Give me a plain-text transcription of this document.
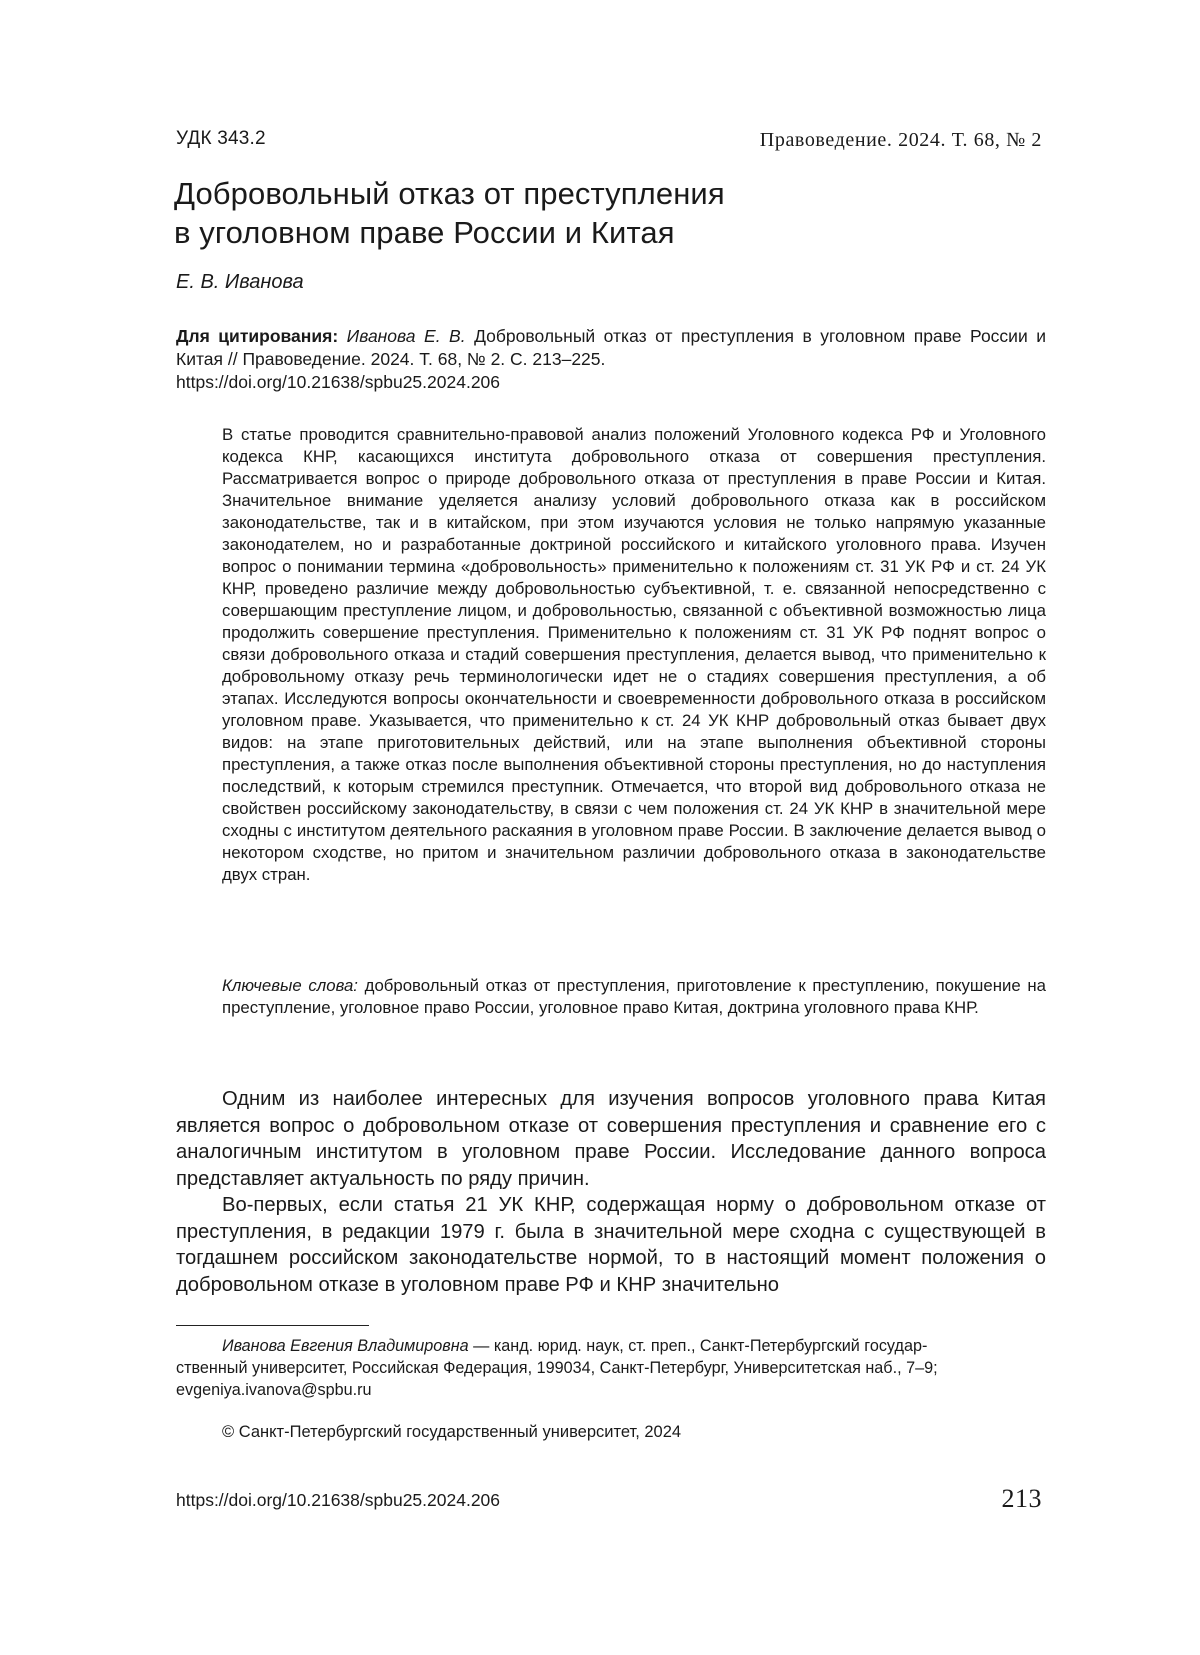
УДК 343.2	Правоведение. 2024. Т. 68, № 2
Добровольный отказ от преступления
в уголовном праве России и Китая
Е. В. Иванова
Для цитирования: Иванова Е. В. Добровольный отказ от преступления в уголовном праве России и Китая // Правоведение. 2024. Т. 68, № 2. С. 213–225.
https://doi.org/10.21638/spbu25.2024.206

В статье проводится сравнительно-правовой анализ положений Уголовного кодекса РФ и Уголовного кодекса КНР, касающихся института добровольного отказа от совершения преступления. Рассматривается вопрос о природе добровольного отказа от преступления в праве России и Китая. Значительное внимание уделяется анализу условий добровольного отказа как в российском законодательстве, так и в китайском, при этом изучаются условия не только напрямую указанные законодателем, но и разработанные доктриной российского и китайского уголовного права. Изучен вопрос о понимании термина «добровольность» применительно к положениям ст. 31 УК РФ и ст. 24 УК КНР, проведено различие между добровольностью субъективной, т. е. связанной непосредственно с совершающим преступление лицом, и добровольностью, связанной с объективной возможностью лица продолжить совершение преступления. Применительно к положениям ст. 31 УК РФ поднят вопрос о связи добровольного отказа и стадий совершения преступления, делается вывод, что применительно к добровольному отказу речь терминологически идет не о стадиях совершения преступления, а об этапах. Исследуются вопросы окончательности и своевременности добровольного отказа в российском уголовном праве. Указывается, что применительно к ст. 24 УК КНР добровольный отказ бывает двух видов: на этапе приготовительных действий, или на этапе выполнения объективной стороны преступления, а также отказ после выполнения объективной стороны преступления, но до наступления последствий, к которым стремился преступник. Отмечается, что второй вид добровольного отказа не свойствен российскому законодательству, в связи с чем положения ст. 24 УК КНР в значительной мере сходны с институтом деятельного раскаяния в уголовном праве России. В заключение делается вывод о некотором сходстве, но притом и значительном различии добровольного отказа в законодательстве двух стран.

Ключевые слова: добровольный отказ от преступления, приготовление к преступлению, покушение на преступление, уголовное право России, уголовное право Китая, доктрина уголовного права КНР.

Одним из наиболее интересных для изучения вопросов уголовного права Китая является вопрос о добровольном отказе от совершения преступления и сравнение его с аналогичным институтом в уголовном праве России. Исследование данного вопроса представляет актуальность по ряду причин.

Во-первых, если статья 21 УК КНР, содержащая норму о добровольном отказе от преступления, в редакции 1979 г. была в значительной мере сходна с существующей в тогдашнем российском законодательстве нормой, то в настоящий момент положения о добровольном отказе в уголовном праве РФ и КНР значительно

Иванова Евгения Владимировна — канд. юрид. наук, ст. преп., Санкт-Петербургский государ-
ственный университет, Российская Федерация, 199034, Санкт-Петербург, Университетская наб., 7–9; evgeniya.ivanova@spbu.ru
© Санкт-Петербургский государственный университет, 2024
https://doi.org/10.21638/spbu25.2024.206	213
